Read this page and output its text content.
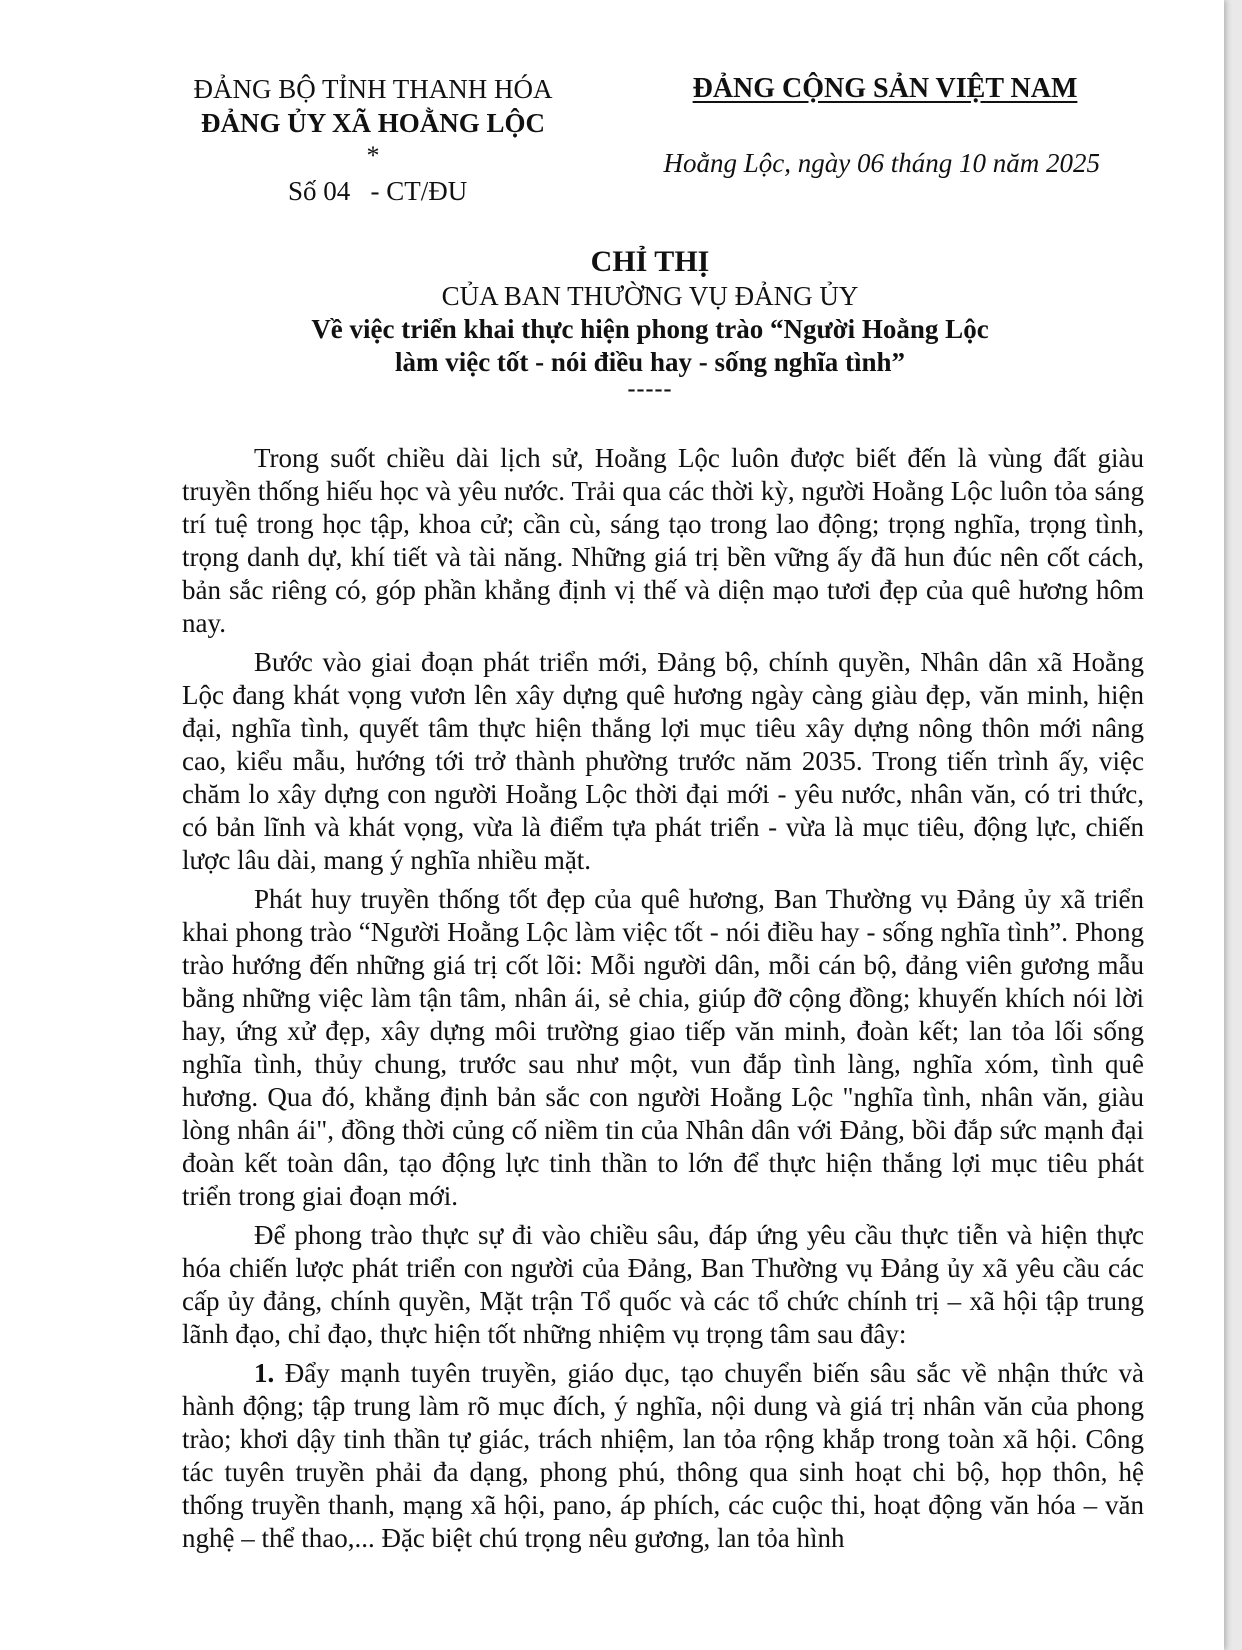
ĐẢNG BỘ TỈNH THANH HÓA
ĐẢNG ỦY XÃ HOẰNG LỘC
*
Số 04   - CT/ĐU
ĐẢNG CỘNG SẢN VIỆT NAM
Hoằng Lộc, ngày 06 tháng 10 năm 2025
CHỈ THỊ
CỦA BAN THƯỜNG VỤ ĐẢNG ỦY
Về việc triển khai thực hiện phong trào “Người Hoằng Lộc
làm việc tốt - nói điều hay - sống nghĩa tình”
-----

Trong suốt chiều dài lịch sử, Hoằng Lộc luôn được biết đến là vùng đất giàu truyền thống hiếu học và yêu nước. Trải qua các thời kỳ, người Hoằng Lộc luôn tỏa sáng trí tuệ trong học tập, khoa cử; cần cù, sáng tạo trong lao động; trọng nghĩa, trọng tình, trọng danh dự, khí tiết và tài năng. Những giá trị bền vững ấy đã hun đúc nên cốt cách, bản sắc riêng có, góp phần khẳng định vị thế và diện mạo tươi đẹp của quê hương hôm nay.

Bước vào giai đoạn phát triển mới, Đảng bộ, chính quyền, Nhân dân xã Hoằng Lộc đang khát vọng vươn lên xây dựng quê hương ngày càng giàu đẹp, văn minh, hiện đại, nghĩa tình, quyết tâm thực hiện thắng lợi mục tiêu xây dựng nông thôn mới nâng cao, kiểu mẫu, hướng tới trở thành phường trước năm 2035. Trong tiến trình ấy, việc chăm lo xây dựng con người Hoằng Lộc thời đại mới - yêu nước, nhân văn, có tri thức, có bản lĩnh và khát vọng, vừa là điểm tựa phát triển - vừa là mục tiêu, động lực, chiến lược lâu dài, mang ý nghĩa nhiều mặt.

Phát huy truyền thống tốt đẹp của quê hương, Ban Thường vụ Đảng ủy xã triển khai phong trào “Người Hoằng Lộc làm việc tốt - nói điều hay - sống nghĩa tình”. Phong trào hướng đến những giá trị cốt lõi: Mỗi người dân, mỗi cán bộ, đảng viên gương mẫu bằng những việc làm tận tâm, nhân ái, sẻ chia, giúp đỡ cộng đồng; khuyến khích nói lời hay, ứng xử đẹp, xây dựng môi trường giao tiếp văn minh, đoàn kết; lan tỏa lối sống nghĩa tình, thủy chung, trước sau như một, vun đắp tình làng, nghĩa xóm, tình quê hương. Qua đó, khẳng định bản sắc con người Hoằng Lộc "nghĩa tình, nhân văn, giàu lòng nhân ái", đồng thời củng cố niềm tin của Nhân dân với Đảng, bồi đắp sức mạnh đại đoàn kết toàn dân, tạo động lực tinh thần to lớn để thực hiện thắng lợi mục tiêu phát triển trong giai đoạn mới.

Để phong trào thực sự đi vào chiều sâu, đáp ứng yêu cầu thực tiễn và hiện thực hóa chiến lược phát triển con người của Đảng, Ban Thường vụ Đảng ủy xã yêu cầu các cấp ủy đảng, chính quyền, Mặt trận Tổ quốc và các tổ chức chính trị – xã hội tập trung lãnh đạo, chỉ đạo, thực hiện tốt những nhiệm vụ trọng tâm sau đây:

1. Đẩy mạnh tuyên truyền, giáo dục, tạo chuyển biến sâu sắc về nhận thức và hành động; tập trung làm rõ mục đích, ý nghĩa, nội dung và giá trị nhân văn của phong trào; khơi dậy tinh thần tự giác, trách nhiệm, lan tỏa rộng khắp trong toàn xã hội. Công tác tuyên truyền phải đa dạng, phong phú, thông qua sinh hoạt chi bộ, họp thôn, hệ thống truyền thanh, mạng xã hội, pano, áp phích, các cuộc thi, hoạt động văn hóa – văn nghệ – thể thao,... Đặc biệt chú trọng nêu gương, lan tỏa hình
